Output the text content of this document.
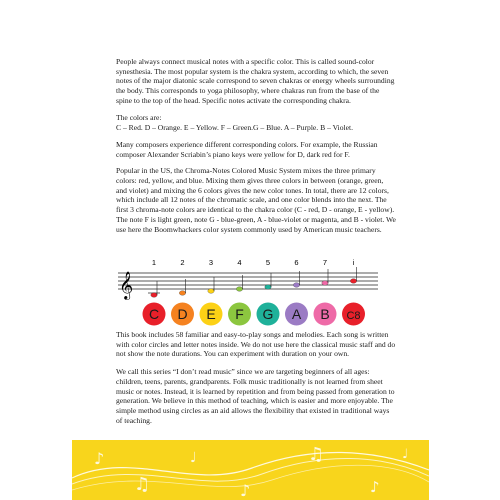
People always connect musical notes with a specific color. This is called sound-color synesthesia. The most popular system is the chakra system, according to which, the seven notes of the major diatonic scale correspond to seven chakras or energy wheels surrounding the body. This corresponds to yoga philosophy, where chakras run from the base of the spine to the top of the head. Specific notes activate the corresponding chakra.

The colors are:

C – Red. D – Orange. E – Yellow. F – Green.G – Blue. A – Purple. B – Violet.

Many composers experience different corresponding colors. For example, the Russian composer Alexander Scriabin’s piano keys were yellow for D, dark red for F.

Popular in the US, the Chroma-Notes Colored Music System mixes the three primary colors: red, yellow, and blue. Mixing them gives three colors in between (orange, green, and violet) and mixing the 6 colors gives the new color tones. In total, there are 12 colors, which include all 12 notes of the chromatic scale, and one color blends into the next. The first 3 chroma-note colors are identical to the chakra color (C - red, D - orange, E - yellow). The note F is light green, note G - blue-green, A - blue-violet or magenta, and B - violet. We use here the Boomwhackers color system commonly used by American music teachers.

𝄞
1	2	3	4	5	6	7	i
C D E F G A B C8

This book includes 58 familiar and easy-to-play songs and melodies. Each song is written with color circles and letter notes inside. We do not use here the classical music staff and do not show the note durations. You can experiment with duration on your own.

We call this series “I don’t read music” since we are targeting beginners of all ages: children, teens, parents, grandparents. Folk music traditionally is not learned from sheet music or notes. Instead, it is learned by repetition and from being passed from generation to generation. We believe in this method of teaching, which is easier and more enjoyable. The simple method using circles as an aid allows the flexibility that existed in traditional ways of teaching.

♪
♫
♩
♪
♫
♪
♩
